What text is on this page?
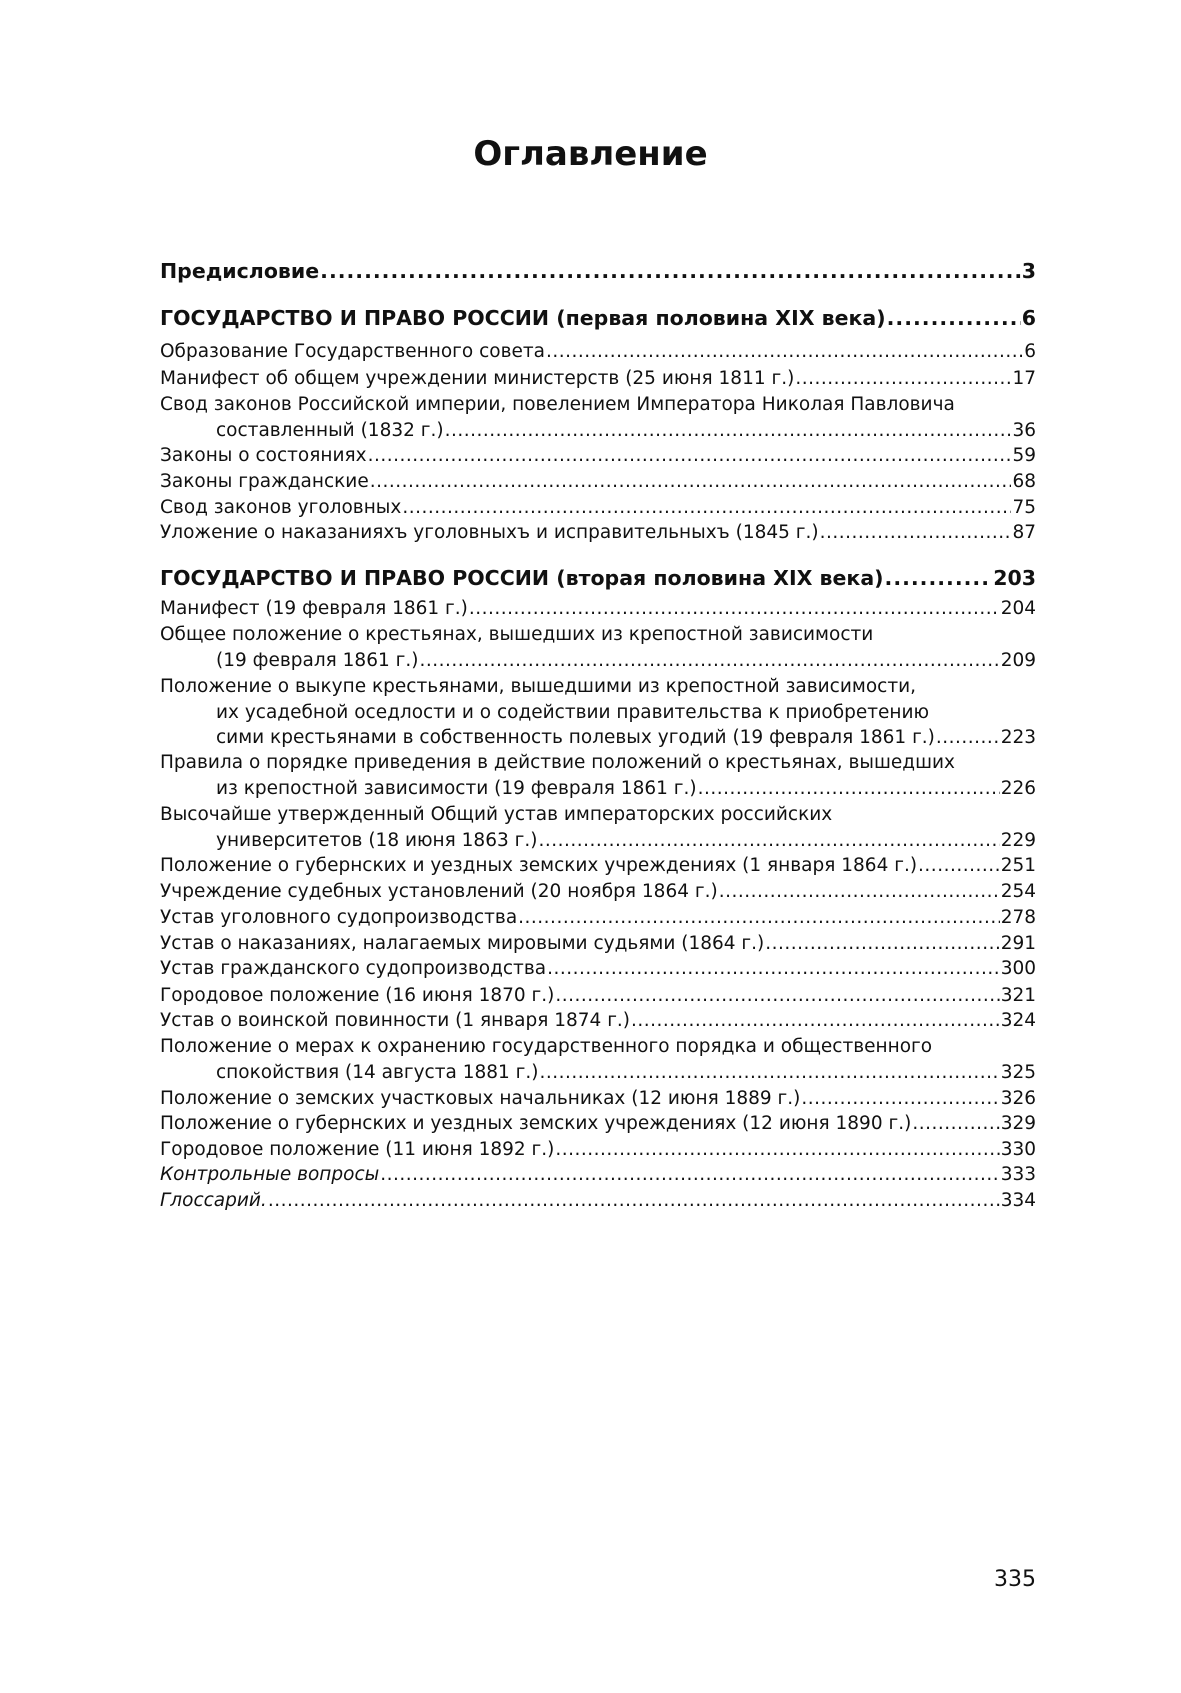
Оглавление
Предисловие .....	3
ГОСУДАРСТВО И ПРАВО РОССИИ (первая половина XIX века) .....	6
Образование Государственного совета .....	6
Манифест об общем учреждении министерств (25 июня 1811 г.) .....	17
Свод законов Российской империи, повелением Императора Николая Павловича
составленный (1832 г.) .....	36
Законы о состояниях .....	59
Законы гражданские .....	68
Свод законов уголовных .....	75
Уложение о наказанияхъ уголовныхъ и исправительныхъ (1845 г.) .....	87
ГОСУДАРСТВО И ПРАВО РОССИИ (вторая половина XIX века) .....	203
Манифест (19 февраля 1861 г.) .....	204
Общее положение о крестьянах, вышедших из крепостной зависимости
(19 февраля 1861 г.) .....	209
Положение о выкупе крестьянами, вышедшими из крепостной зависимости,
их усадебной оседлости и о содействии правительства к приобретению
сими крестьянами в собственность полевых угодий (19 февраля 1861 г.) .....	223
Правила о порядке приведения в действие положений о крестьянах, вышедших
из крепостной зависимости (19 февраля 1861 г.) .....	226
Высочайше утвержденный Общий устав императорских российских
университетов (18 июня 1863 г.) .....	229
Положение о губернских и уездных земских учреждениях (1 января 1864 г.) .....	251
Учреждение судебных установлений (20 ноября 1864 г.) .....	254
Устав уголовного судопроизводства .....	278
Устав о наказаниях, налагаемых мировыми судьями (1864 г.) .....	291
Устав гражданского судопроизводства .....	300
Городовое положение (16 июня 1870 г.) .....	321
Устав о воинской повинности (1 января 1874 г.) .....	324
Положение о мерах к охранению государственного порядка и общественного
спокойствия (14 августа 1881 г.) .....	325
Положение о земских участковых начальниках (12 июня 1889 г.) .....	326
Положение о губернских и уездных земских учреждениях (12 июня 1890 г.) .....	329
Городовое положение (11 июня 1892 г.) .....	330
Контрольные вопросы .....	333
Глоссарий. .....	334
335
